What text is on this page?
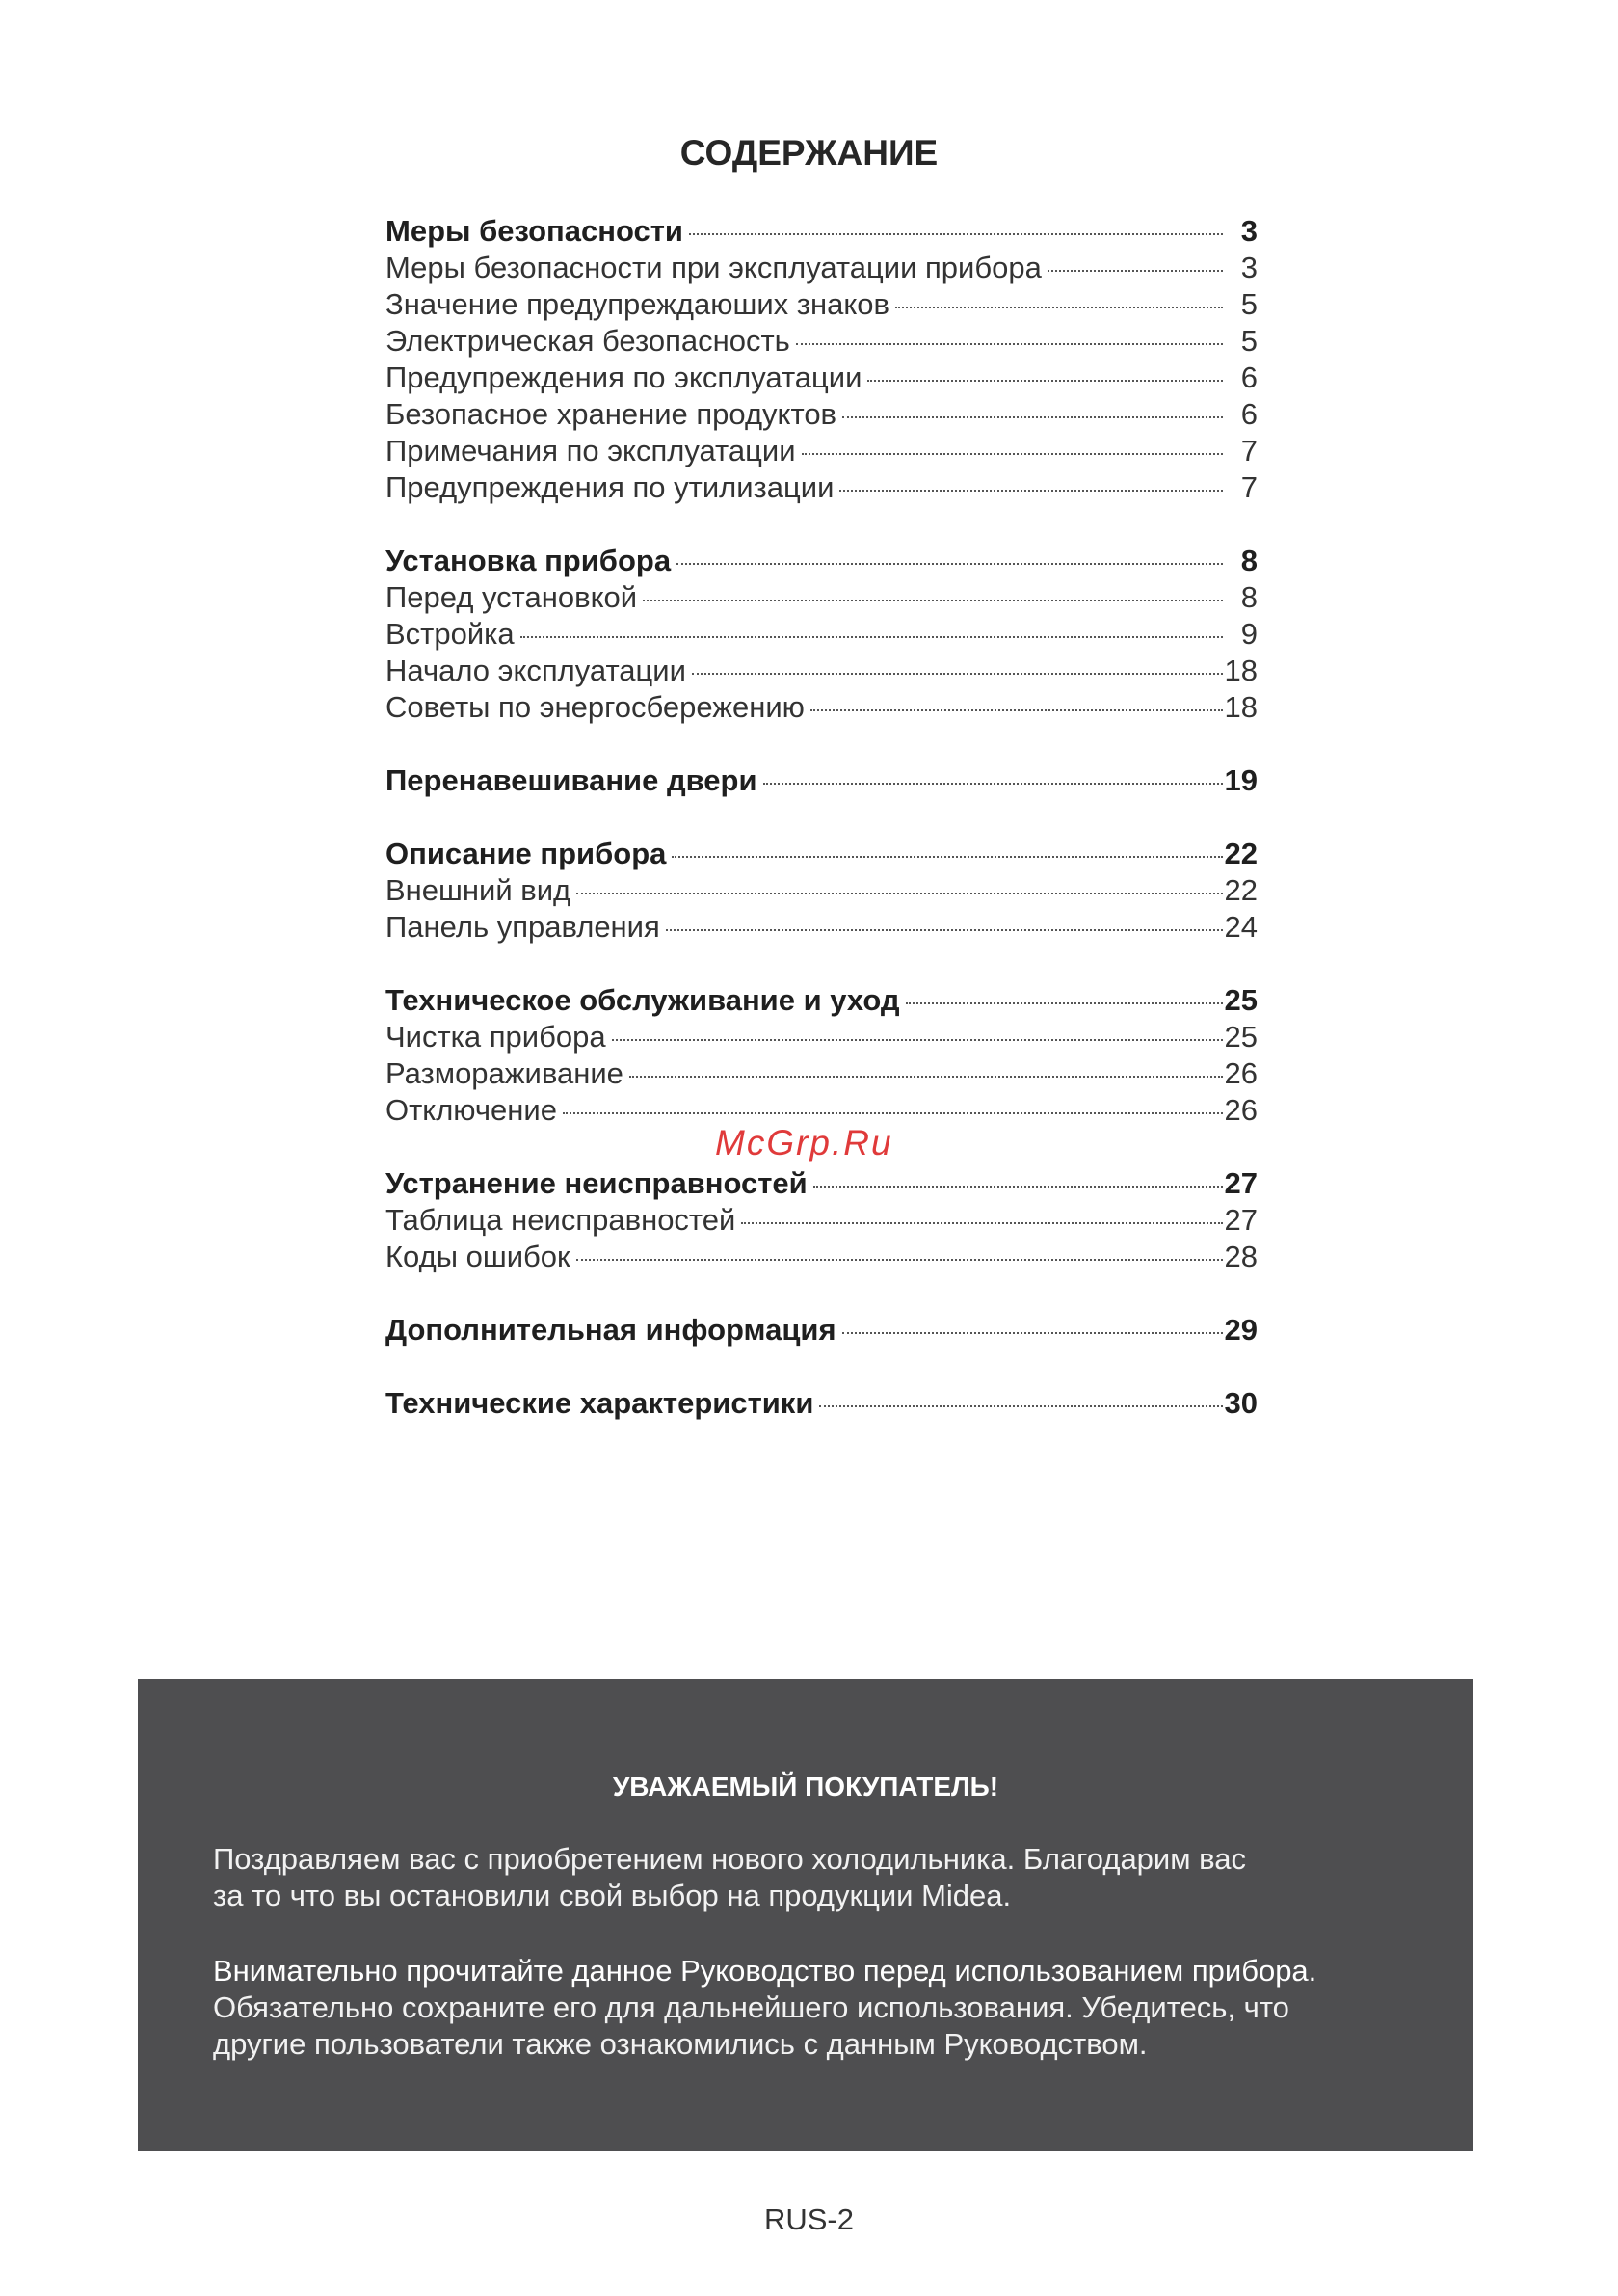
СОДЕРЖАНИЕ
Меры безопасности	3
Меры безопасности при эксплуатации прибора	3
Значение предупреждаюших знаков	5
Электрическая безопасность	5
Предупреждения по эксплуатации	6
Безопасное хранение продуктов	6
Примечания по эксплуатации	7
Предупреждения по утилизации	7
Установка прибора	8
Перед установкой	8
Встройка	9
Начало эксплуатации	18
Советы по энергосбережению	18
Перенавешивание двери	19
Описание прибора	22
Внешний вид	22
Панель управления	24
Техническое обслуживание и уход	25
Чистка прибора	25
Размораживание	26
Отключение	26
Устранение неисправностей	27
Таблица неисправностей	27
Коды ошибок	28
Дополнительная информация	29
Технические характеристики	30
McGrp.Ru
УВАЖАЕМЫЙ ПОКУПАТЕЛЬ!
Поздравляем вас с приобретением нового холодильника. Благодарим вас
за то что вы остановили свой выбор на продукции Midea.
Внимательно прочитайте данное Руководство перед использованием прибора.
Обязательно сохраните его для дальнейшего использования. Убедитесь, что
другие пользователи также ознакомились с данным Руководством.
RUS-2
